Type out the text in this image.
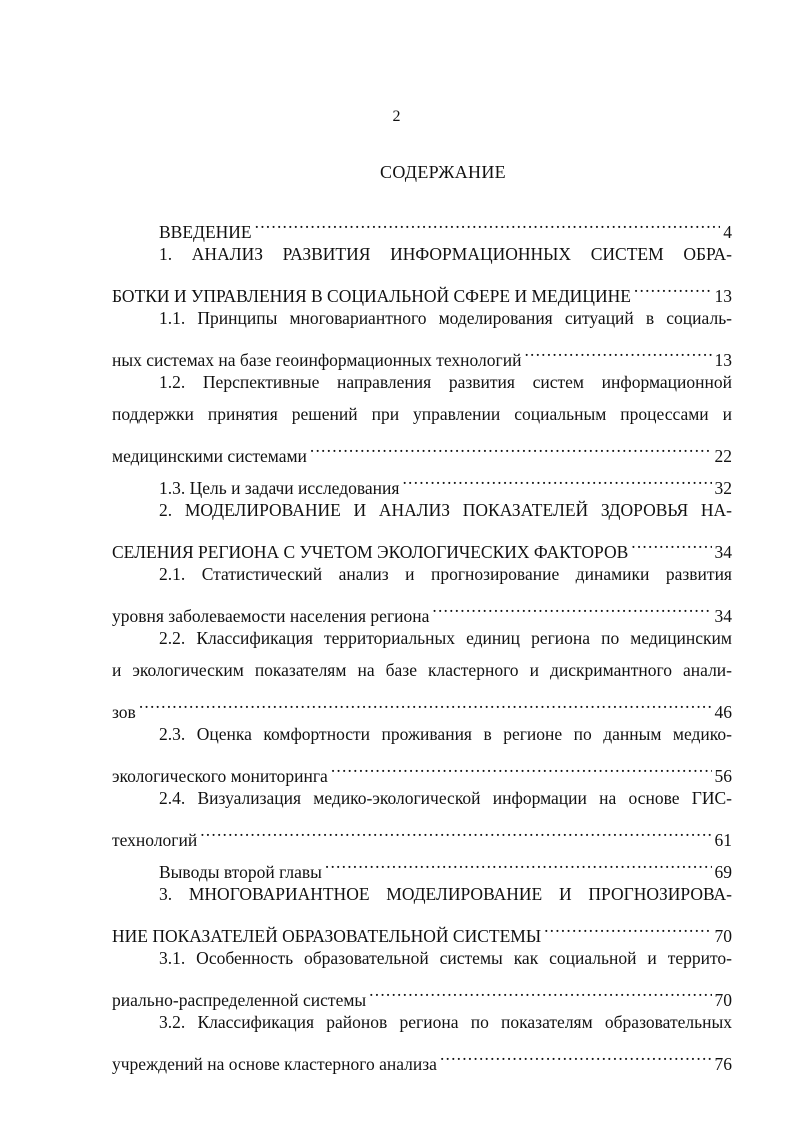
2
СОДЕРЖАНИЕ
ВВЕДЕНИЕ .....	4
1. АНАЛИЗ РАЗВИТИЯ ИНФОРМАЦИОННЫХ СИСТЕМ ОБРА-
БОТКИ И УПРАВЛЕНИЯ В СОЦИАЛЬНОЙ СФЕРЕ И МЕДИЦИНЕ .....	13
1.1. Принципы многовариантного моделирования ситуаций в социаль-
ных системах на базе геоинформационных технологий .....	13
1.2. Перспективные направления развития систем информационной
поддержки принятия решений при управлении социальным процессами и
медицинскими системами .....	22
1.3. Цель и задачи исследования .....	32
2. МОДЕЛИРОВАНИЕ И АНАЛИЗ ПОКАЗАТЕЛЕЙ ЗДОРОВЬЯ НА-
СЕЛЕНИЯ РЕГИОНА С УЧЕТОМ ЭКОЛОГИЧЕСКИХ ФАКТОРОВ .....	34
2.1. Статистический анализ и прогнозирование динамики развития
уровня заболеваемости населения региона .....	34
2.2. Классификация территориальных единиц региона по медицинским
и экологическим показателям на базе кластерного и дискримантного анали-
зов .....	46
2.3. Оценка комфортности проживания в регионе по данным медико-
экологического мониторинга .....	56
2.4. Визуализация медико-экологической информации на основе ГИС-
технологий .....	61
Выводы второй главы .....	69
3. МНОГОВАРИАНТНОЕ МОДЕЛИРОВАНИЕ И ПРОГНОЗИРОВА-
НИЕ ПОКАЗАТЕЛЕЙ ОБРАЗОВАТЕЛЬНОЙ СИСТЕМЫ .....	70
3.1. Особенность образовательной системы как социальной и террито-
риально-распределенной системы .....	70
3.2. Классификация районов региона по показателям образовательных
учреждений на основе кластерного анализа .....	76
